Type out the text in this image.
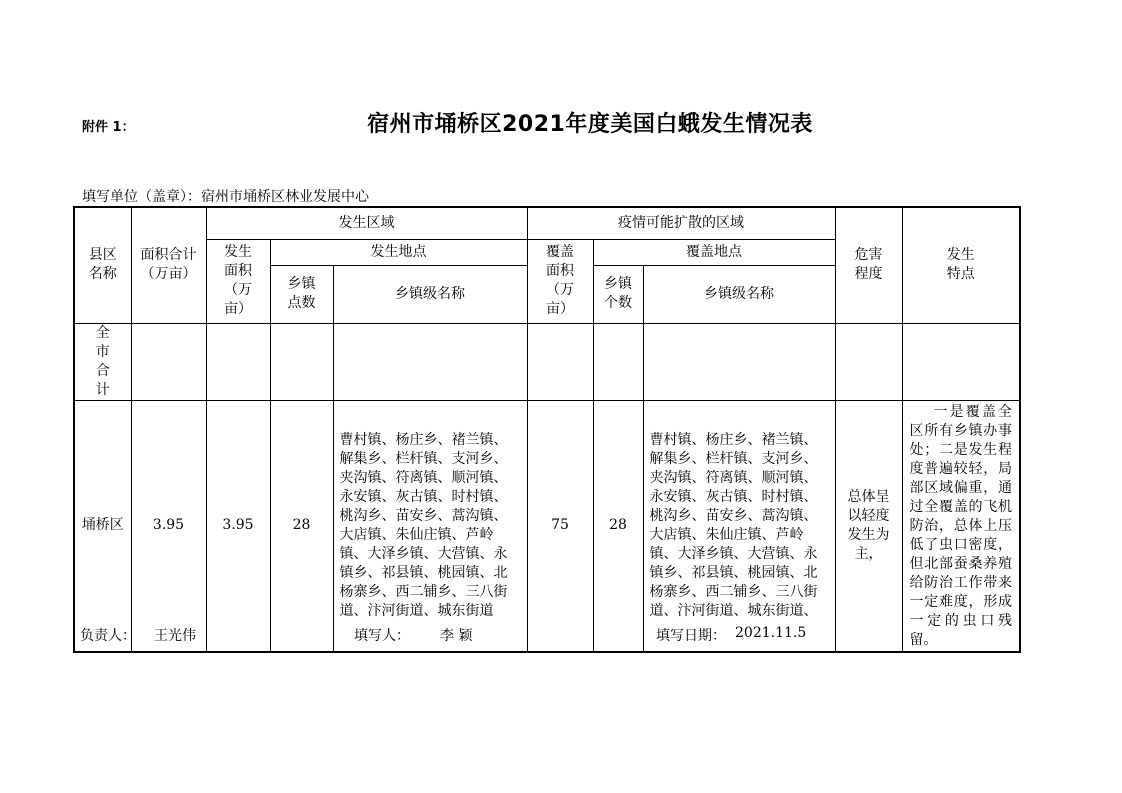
附件 1：	宿州市埇桥区2021年度美国白蛾发生情况表
填写单位（盖章）：宿州市埇桥区林业发展中心
县区名称	面积合计（万亩）	发生区域			疫情可能扩散的区域			危害程度	发生特点
		发生面积（万亩）	发生地点		覆盖面积（万亩）	覆盖地点			
			乡镇点数	乡镇级名称		乡镇个数	乡镇级名称		
全市合计									
埇桥区	3.95	3.95	28	曹村镇、杨庄乡、褚兰镇、解集乡、栏杆镇、支河乡、夹沟镇、符离镇、顺河镇、永安镇、灰古镇、时村镇、桃沟乡、苗安乡、蒿沟镇、大店镇、朱仙庄镇、芦岭镇、大泽乡镇、大营镇、永镇乡、祁县镇、桃园镇、北杨寨乡、西二铺乡、三八街道、汴河街道、城东街道	75	28	曹村镇、杨庄乡、褚兰镇、解集乡、栏杆镇、支河乡、夹沟镇、符离镇、顺河镇、永安镇、灰古镇、时村镇、桃沟乡、苗安乡、蒿沟镇、大店镇、朱仙庄镇、芦岭镇、大泽乡镇、大营镇、永镇乡、祁县镇、桃园镇、北杨寨乡、西二铺乡、三八街道、汴河街道、城东街道、	总体呈以轻度发生为主，	一是覆盖全区所有乡镇办事处；二是发生程度普遍较轻，局部区域偏重，通过全覆盖的飞机防治，总体上压低了虫口密度，但北部蚕桑养殖给防治工作带来一定难度，形成一定的虫口残留。
负责人： 王光伟	填写人： 李 颖	填写日期： 2021.11.5
